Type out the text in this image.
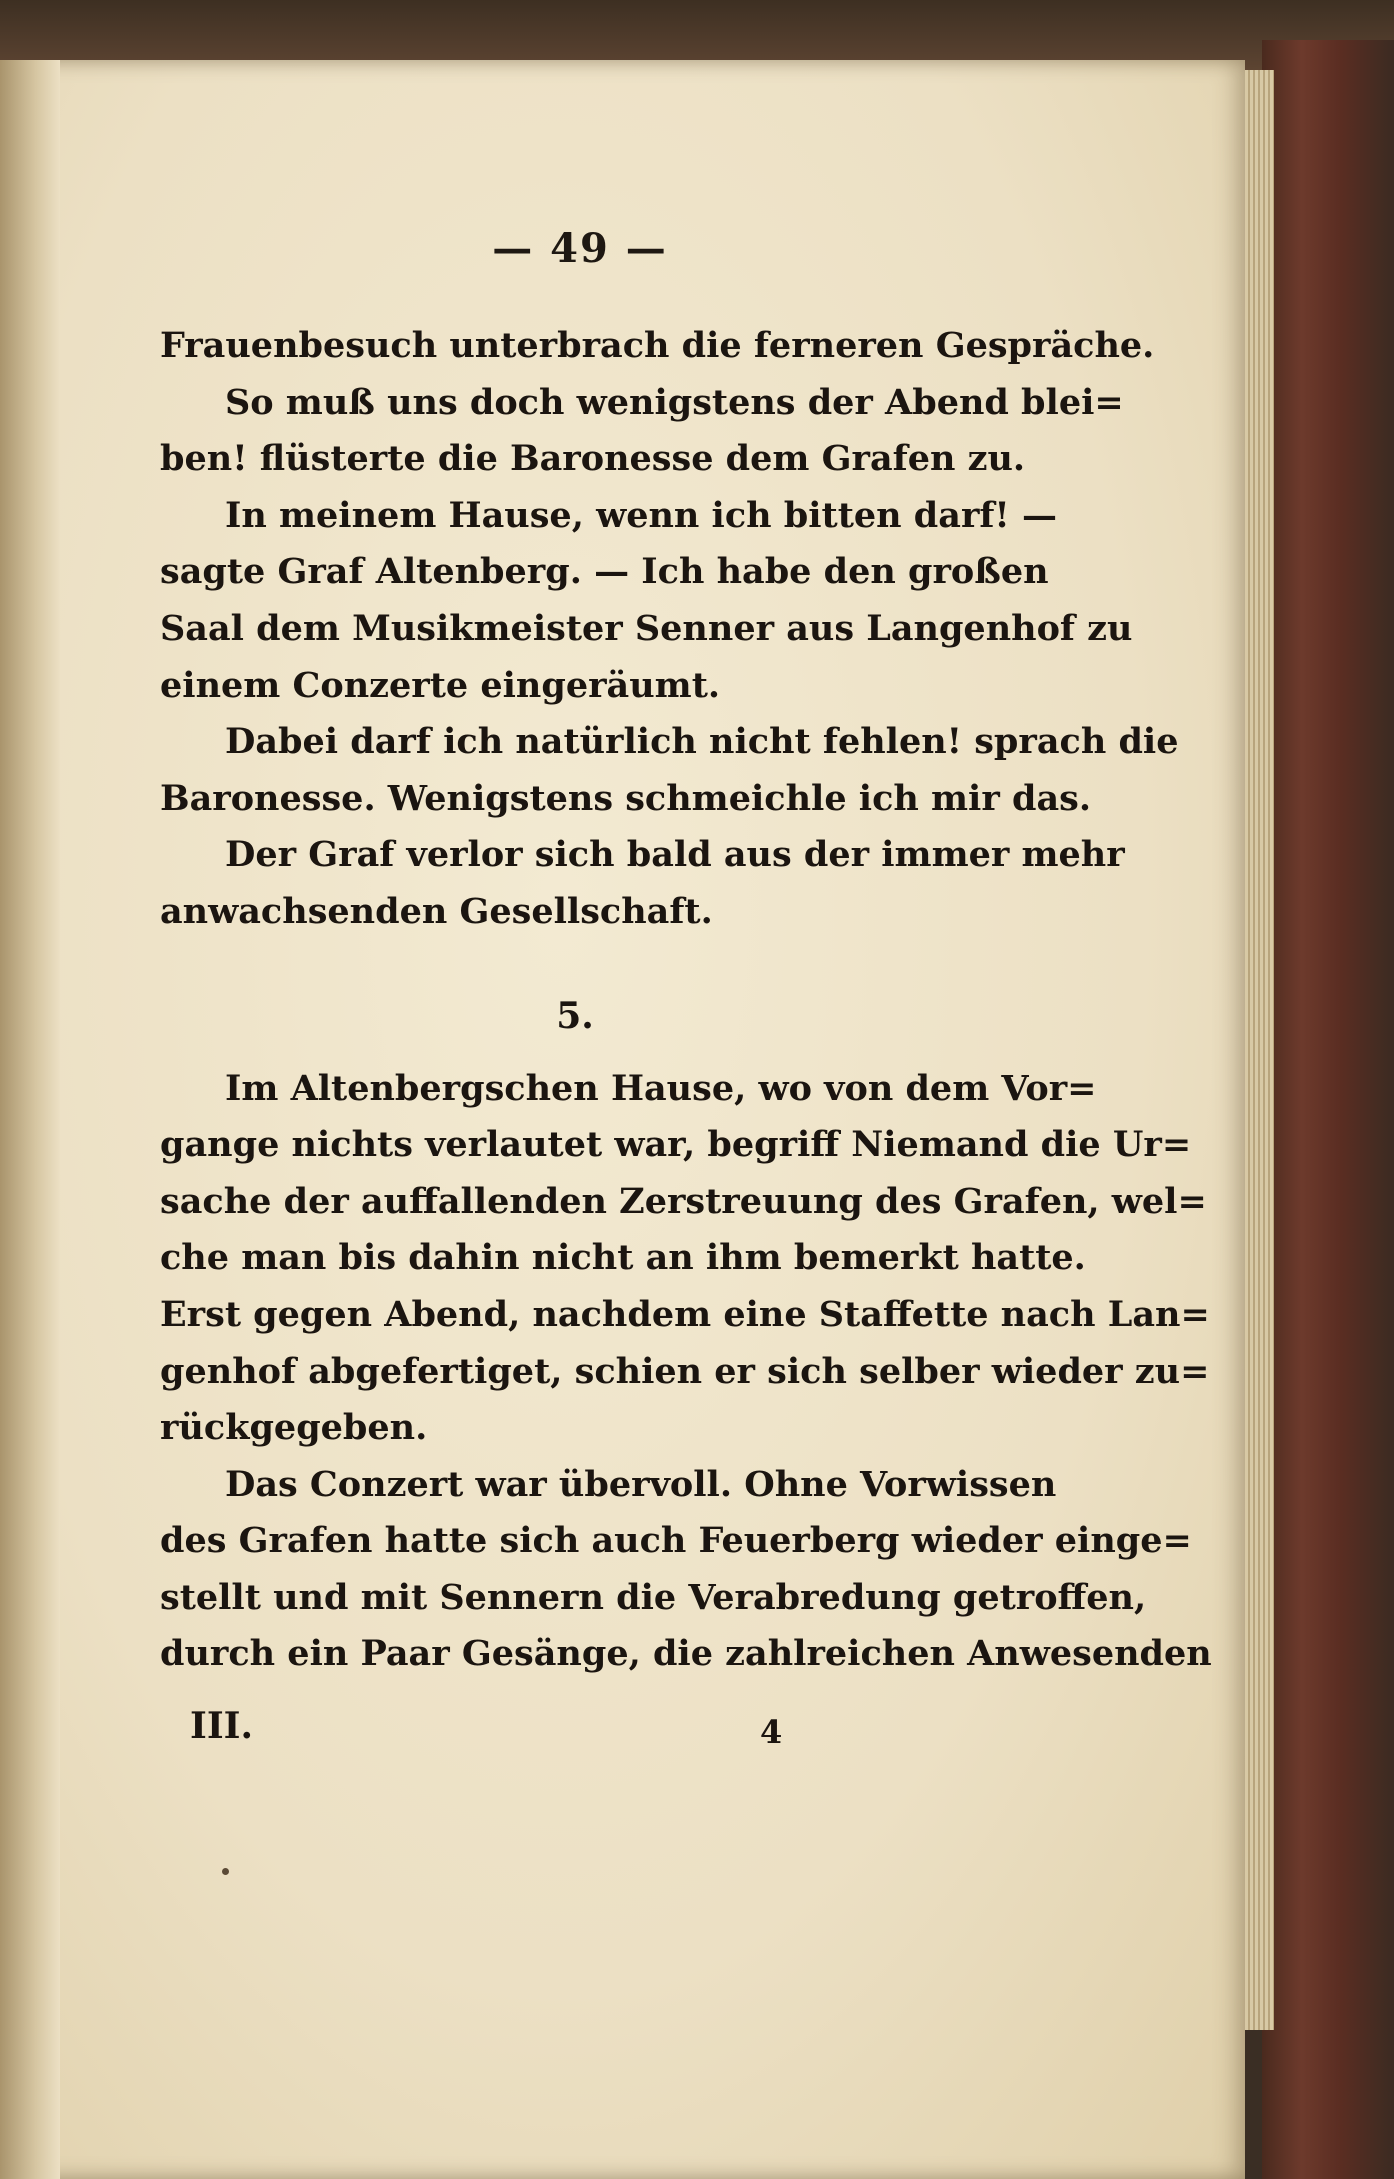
— 49 —
Frauenbesuch unterbrach die ferneren Gespräche.
So muß uns doch wenigstens der Abend blei=
ben! flüsterte die Baronesse dem Grafen zu.
In meinem Hause, wenn ich bitten darf! —
sagte Graf Altenberg. — Ich habe den großen
Saal dem Musikmeister Senner aus Langenhof zu
einem Conzerte eingeräumt.
Dabei darf ich natürlich nicht fehlen! sprach die
Baronesse. Wenigstens schmeichle ich mir das.
Der Graf verlor sich bald aus der immer mehr
anwachsenden Gesellschaft.
5.
Im Altenbergschen Hause, wo von dem Vor=
gange nichts verlautet war, begriff Niemand die Ur=
sache der auffallenden Zerstreuung des Grafen, wel=
che man bis dahin nicht an ihm bemerkt hatte.
Erst gegen Abend, nachdem eine Staffette nach Lan=
genhof abgefertiget, schien er sich selber wieder zu=
rückgegeben.
Das Conzert war übervoll. Ohne Vorwissen
des Grafen hatte sich auch Feuerberg wieder einge=
stellt und mit Sennern die Verabredung getroffen,
durch ein Paar Gesänge, die zahlreichen Anwesenden
III.	4
